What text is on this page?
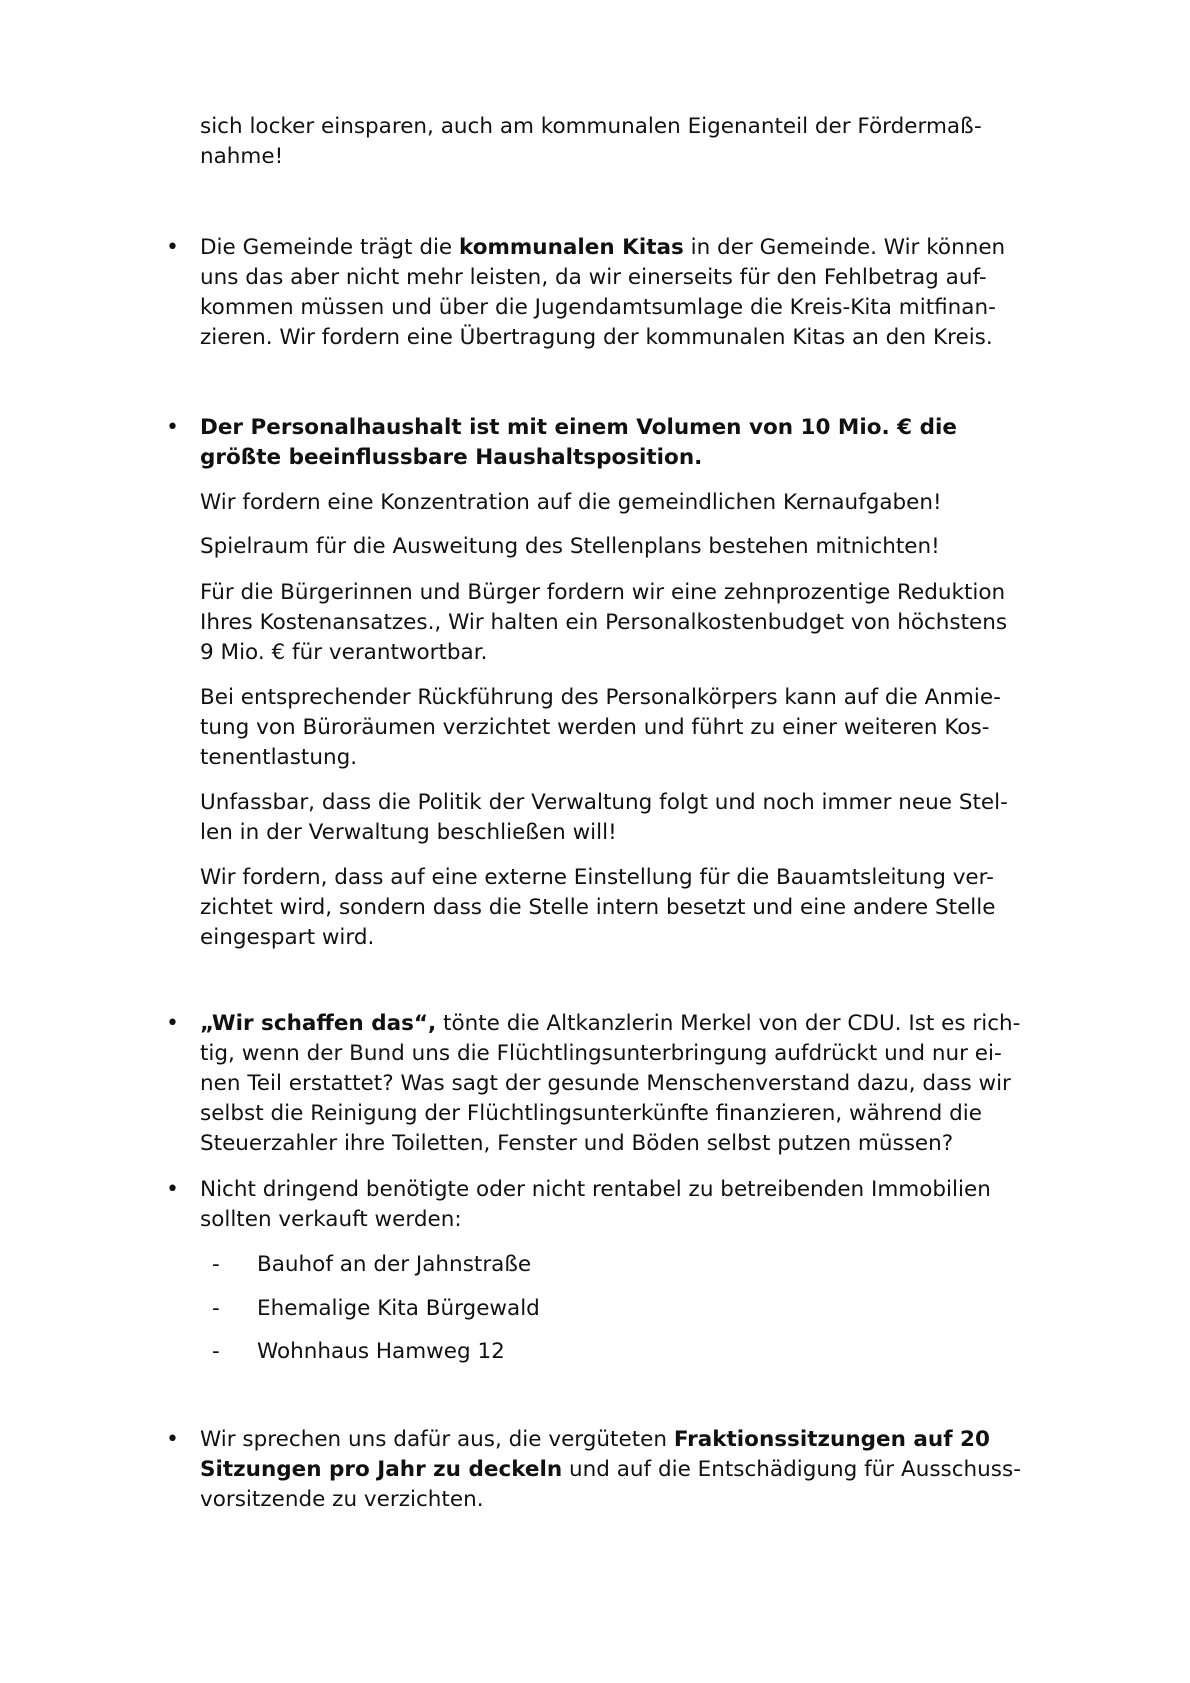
sich locker einsparen, auch am kommunalen Eigenanteil der Fördermaß-
nahme!
• Die Gemeinde trägt die kommunalen Kitas in der Gemeinde. Wir können
uns das aber nicht mehr leisten, da wir einerseits für den Fehlbetrag auf-
kommen müssen und über die Jugendamtsumlage die Kreis-Kita mitfinan-
zieren. Wir fordern eine Übertragung der kommunalen Kitas an den Kreis.
• Der Personalhaushalt ist mit einem Volumen von 10 Mio. € die
größte beeinflussbare Haushaltsposition.
Wir fordern eine Konzentration auf die gemeindlichen Kernaufgaben!
Spielraum für die Ausweitung des Stellenplans bestehen mitnichten!
Für die Bürgerinnen und Bürger fordern wir eine zehnprozentige Reduktion
Ihres Kostenansatzes., Wir halten ein Personalkostenbudget von höchstens
9 Mio. € für verantwortbar.
Bei entsprechender Rückführung des Personalkörpers kann auf die Anmie-
tung von Büroräumen verzichtet werden und führt zu einer weiteren Kos-
tenentlastung.
Unfassbar, dass die Politik der Verwaltung folgt und noch immer neue Stel-
len in der Verwaltung beschließen will!
Wir fordern, dass auf eine externe Einstellung für die Bauamtsleitung ver-
zichtet wird, sondern dass die Stelle intern besetzt und eine andere Stelle
eingespart wird.
• „Wir schaffen das“, tönte die Altkanzlerin Merkel von der CDU. Ist es rich-
tig, wenn der Bund uns die Flüchtlingsunterbringung aufdrückt und nur ei-
nen Teil erstattet? Was sagt der gesunde Menschenverstand dazu, dass wir
selbst die Reinigung der Flüchtlingsunterkünfte finanzieren, während die
Steuerzahler ihre Toiletten, Fenster und Böden selbst putzen müssen?
• Nicht dringend benötigte oder nicht rentabel zu betreibenden Immobilien
sollten verkauft werden:
-	Bauhof an der Jahnstraße
-	Ehemalige Kita Bürgewald
-	Wohnhaus Hamweg 12
• Wir sprechen uns dafür aus, die vergüteten Fraktionssitzungen auf 20
Sitzungen pro Jahr zu deckeln und auf die Entschädigung für Ausschuss-
vorsitzende zu verzichten.
